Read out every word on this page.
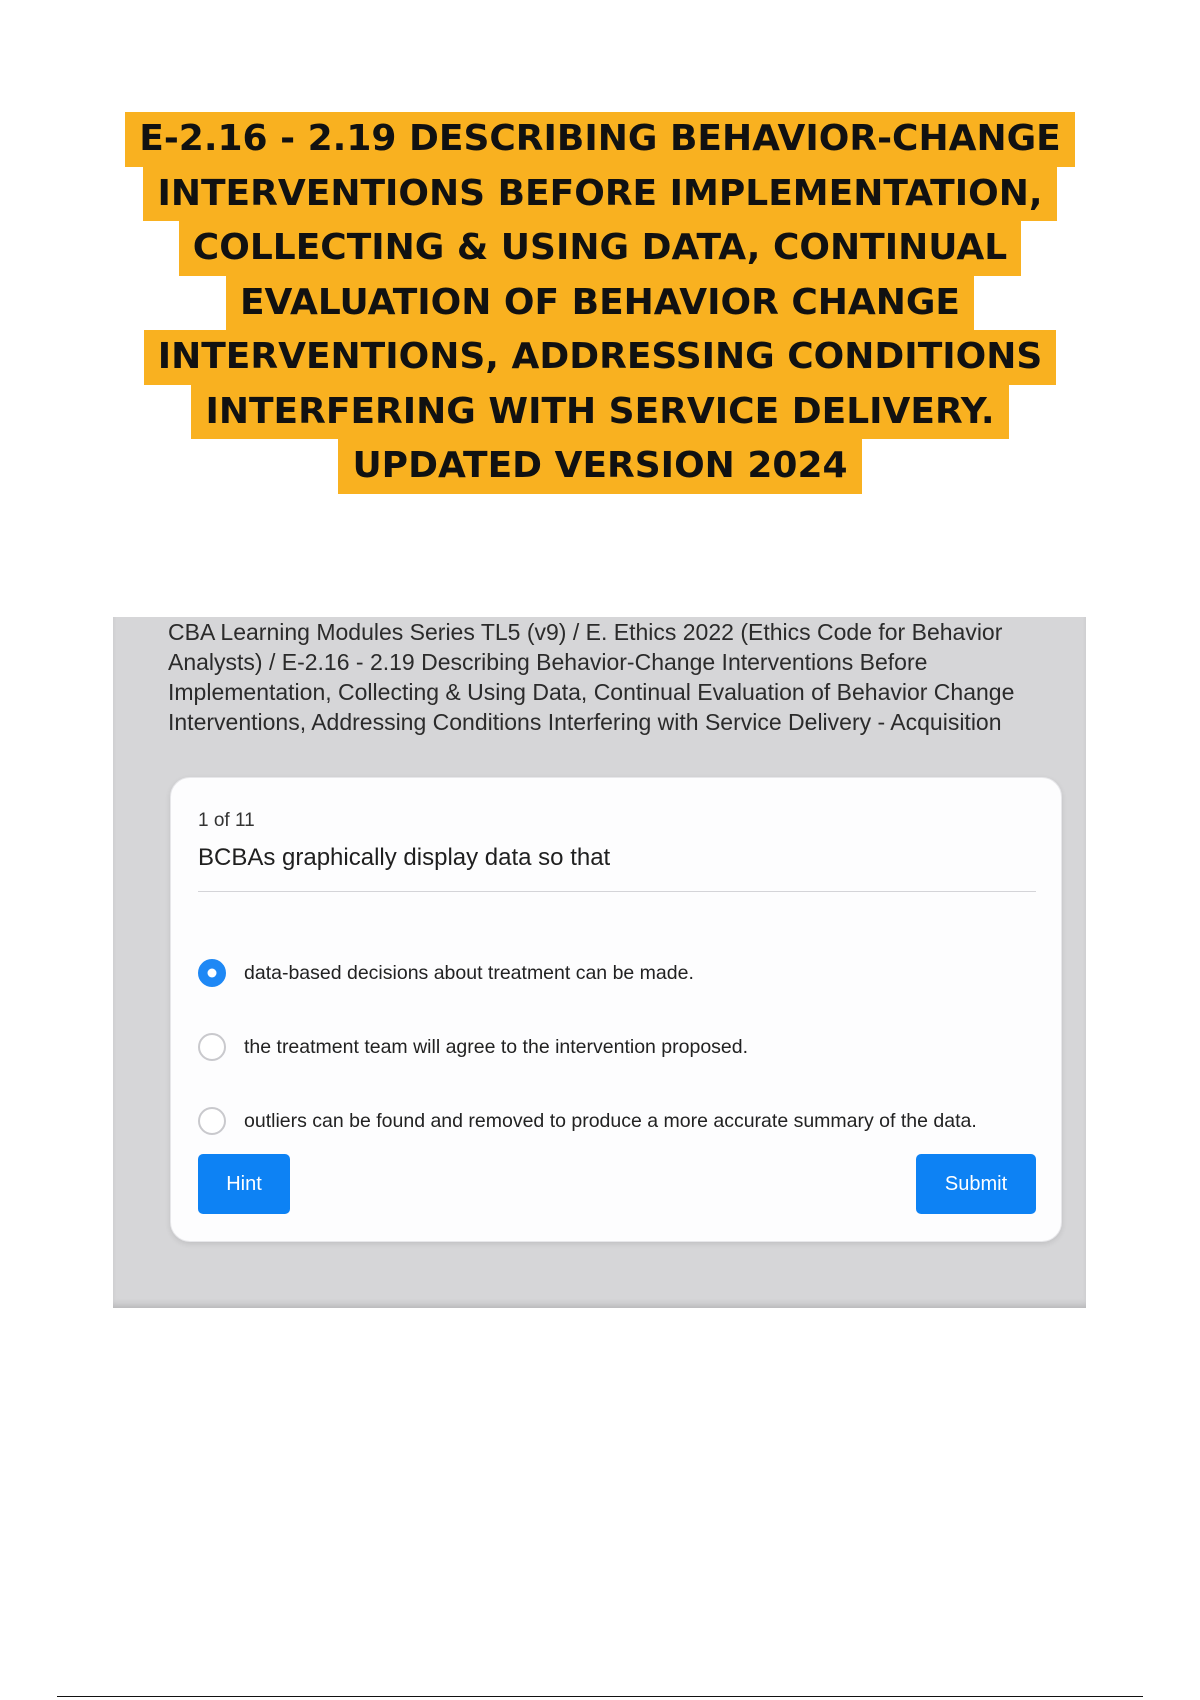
E-2.16 - 2.19 DESCRIBING BEHAVIOR-CHANGE
INTERVENTIONS BEFORE IMPLEMENTATION,
COLLECTING & USING DATA, CONTINUAL
EVALUATION OF BEHAVIOR CHANGE
INTERVENTIONS, ADDRESSING CONDITIONS
INTERFERING WITH SERVICE DELIVERY.
UPDATED VERSION 2024
CBA Learning Modules Series TL5 (v9) / E. Ethics 2022 (Ethics Code for Behavior Analysts) / E-2.16 - 2.19 Describing Behavior-Change Interventions Before Implementation, Collecting & Using Data, Continual Evaluation of Behavior Change Interventions, Addressing Conditions Interfering with Service Delivery - Acquisition
1 of 11
BCBAs graphically display data so that
data-based decisions about treatment can be made.
the treatment team will agree to the intervention proposed.
outliers can be found and removed to produce a more accurate summary of the data.
Hint	Submit
